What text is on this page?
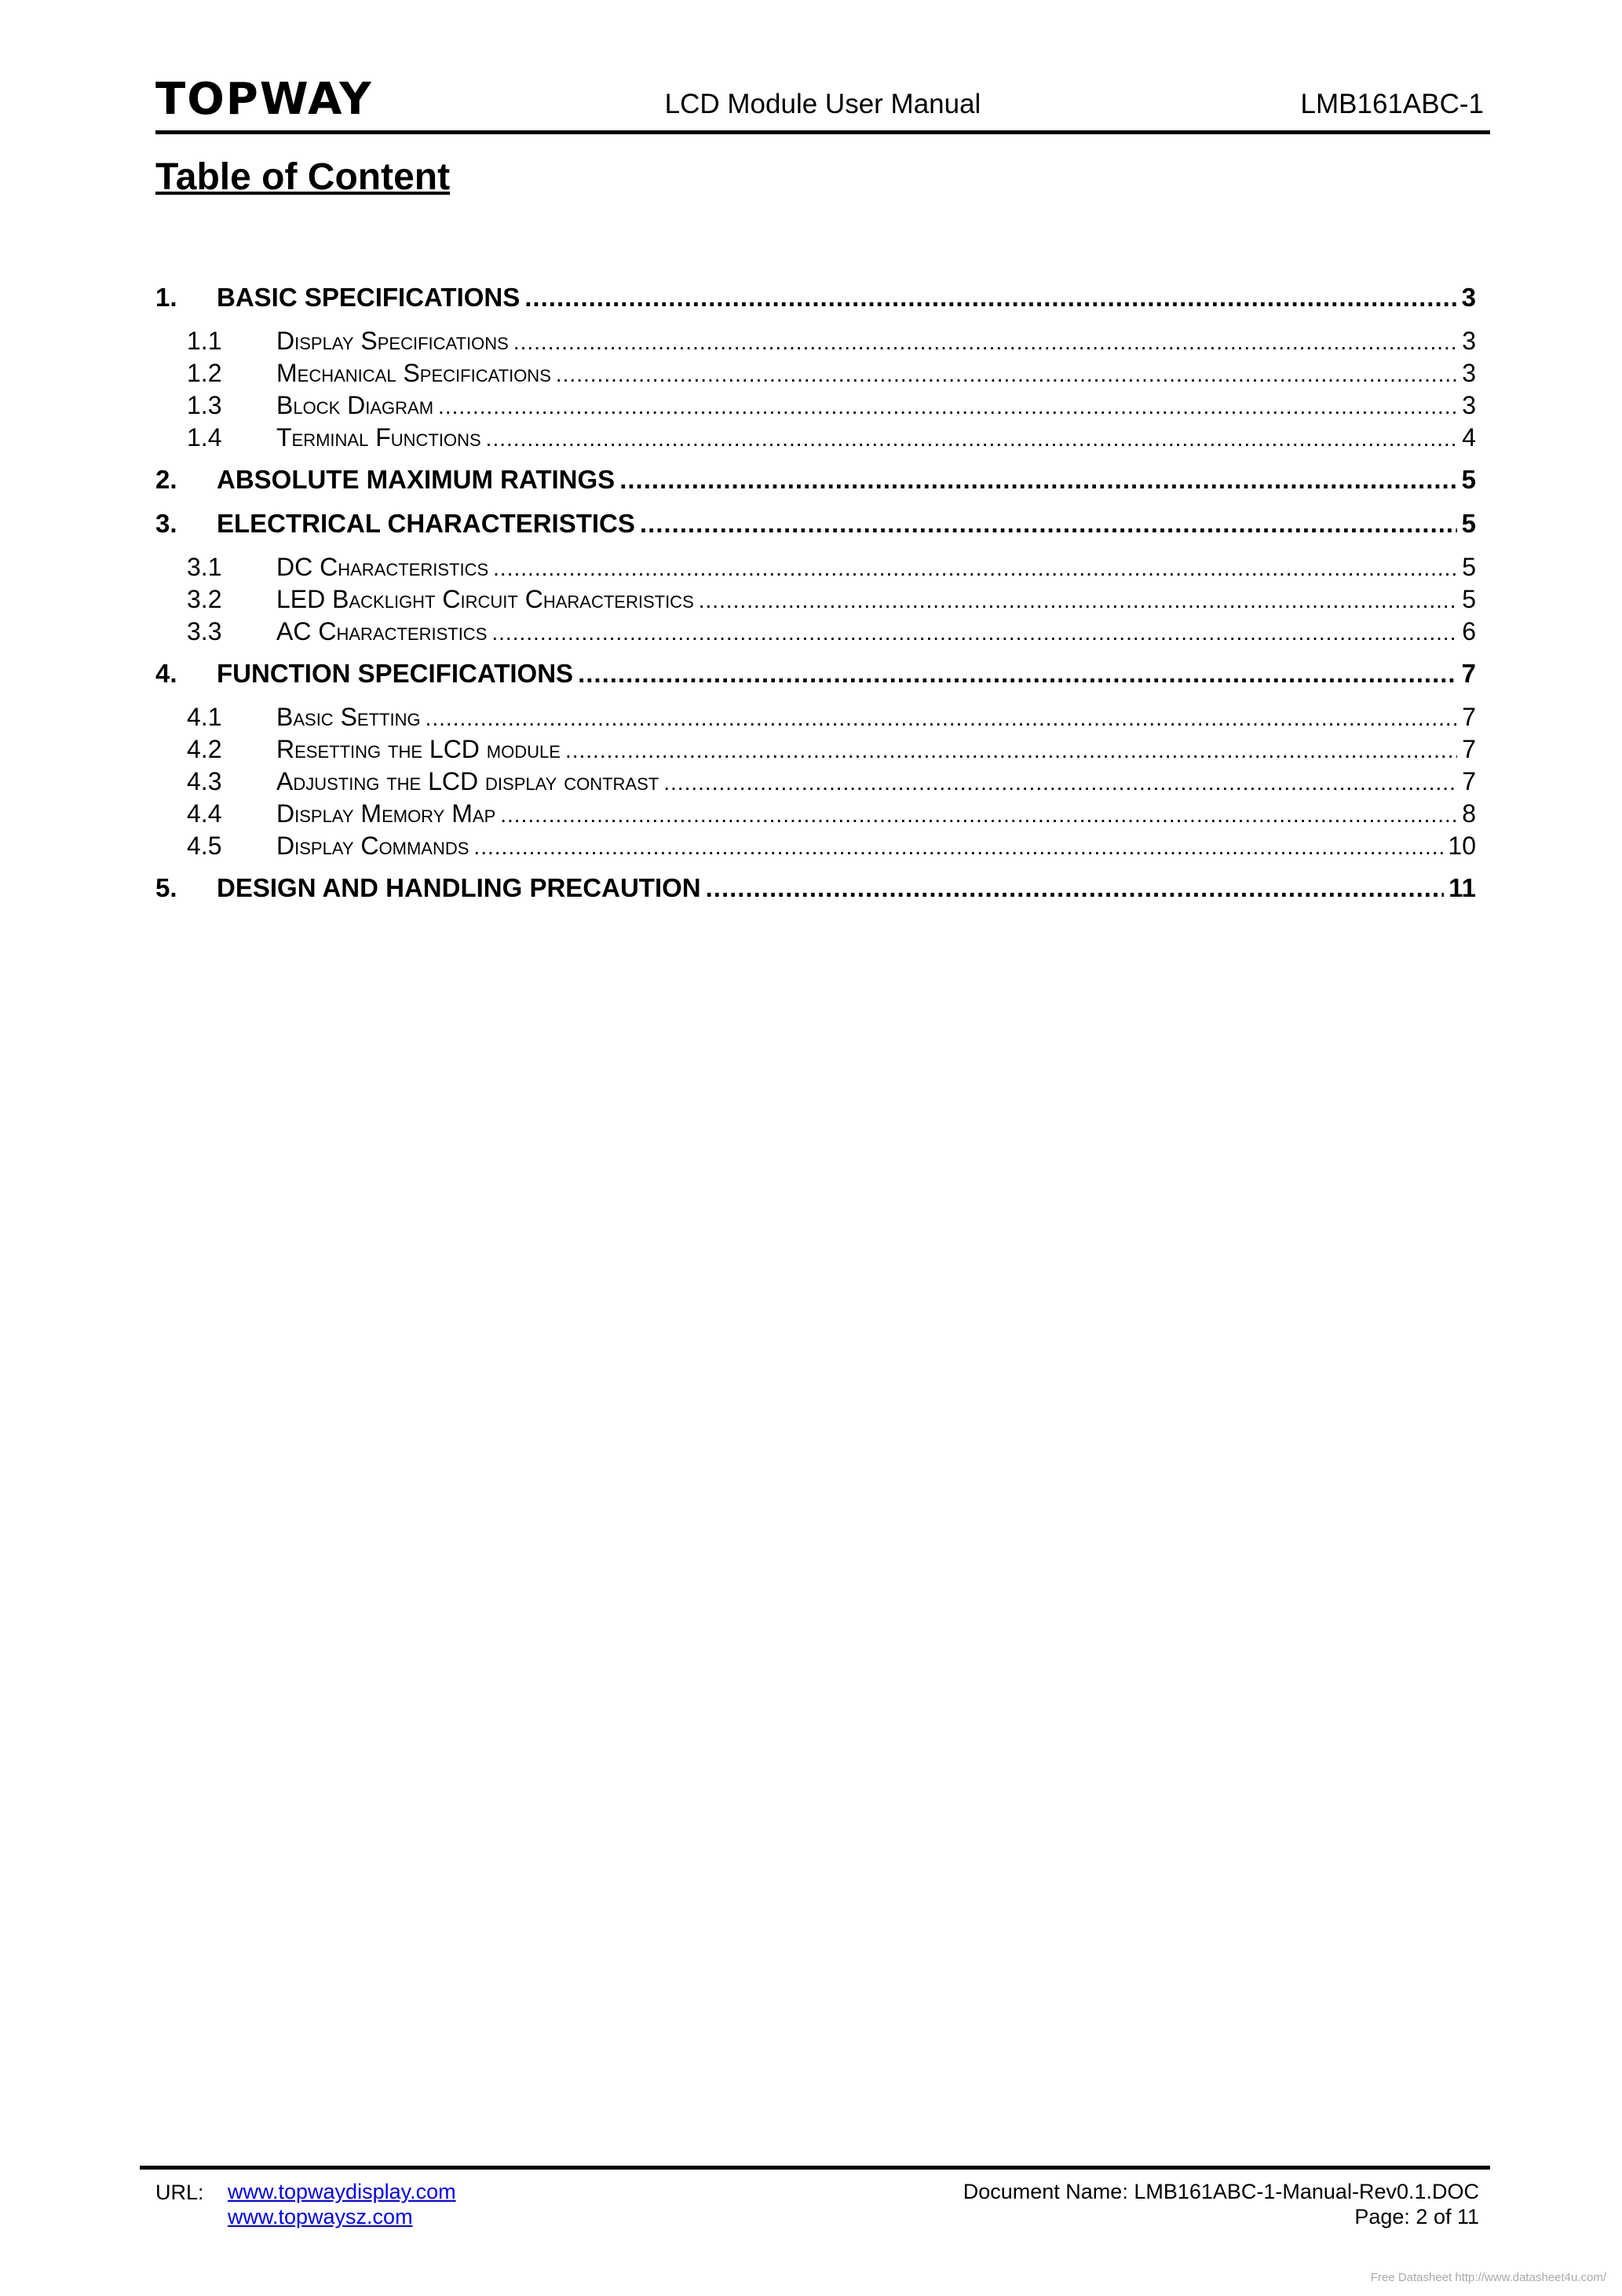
TOPWAY	LCD Module User Manual	LMB161ABC-1
Table of Content
1.	BASIC SPECIFICATIONS .....	3
1.1	Display Specifications .....	3
1.2	Mechanical Specifications .....	3
1.3	Block Diagram .....	3
1.4	Terminal Functions .....	4
2.	ABSOLUTE MAXIMUM RATINGS .....	5
3.	ELECTRICAL CHARACTERISTICS .....	5
3.1	DC Characteristics .....	5
3.2	LED Backlight Circuit Characteristics .....	5
3.3	AC Characteristics .....	6
4.	FUNCTION SPECIFICATIONS .....	7
4.1	Basic Setting .....	7
4.2	Resetting the LCD module .....	7
4.3	Adjusting the LCD display contrast .....	7
4.4	Display Memory Map .....	8
4.5	Display Commands .....	10
5.	DESIGN AND HANDLING PRECAUTION .....	11
URL: www.topwaydisplay.com
www.topwaysz.com
Document Name: LMB161ABC-1-Manual-Rev0.1.DOC
Page: 2 of 11
Free Datasheet http://www.datasheet4u.com/
